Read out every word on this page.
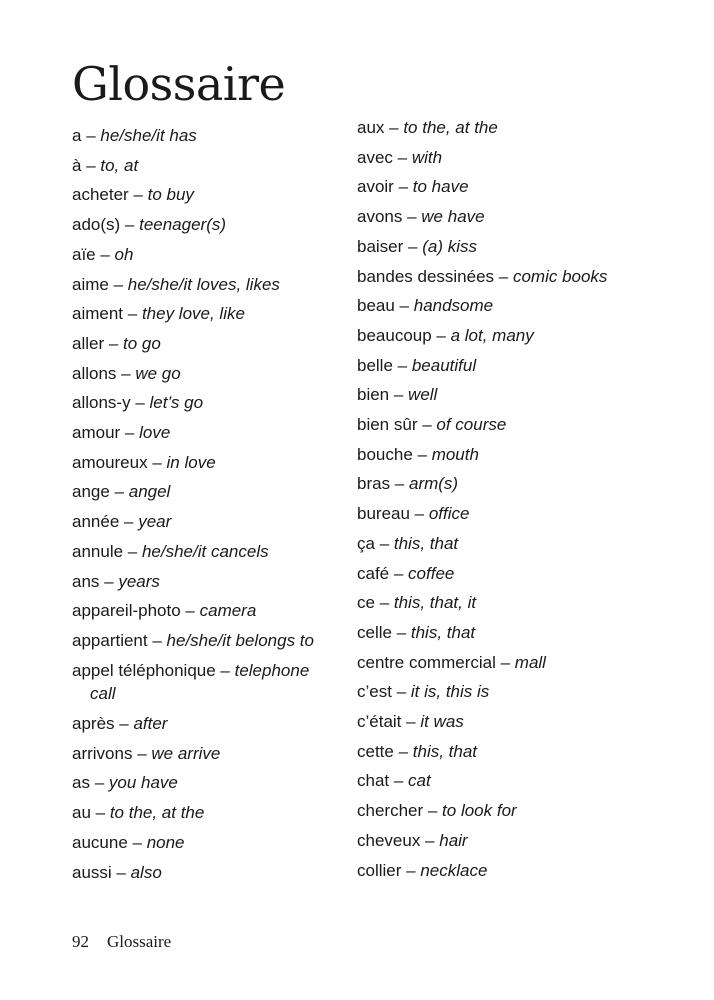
Glossaire
a – he/she/it has
à – to, at
acheter – to buy
ado(s) – teenager(s)
aïe – oh
aime – he/she/it loves, likes
aiment – they love, like
aller – to go
allons – we go
allons-y – let’s go
amour – love
amoureux – in love
ange – angel
année – year
annule – he/she/it cancels
ans – years
appareil-photo – camera
appartient – he/she/it belongs to
appel téléphonique – telephone call
après – after
arrivons – we arrive
as – you have
au – to the, at the
aucune – none
aussi – also
aux – to the, at the
avec – with
avoir – to have
avons – we have
baiser – (a) kiss
bandes dessinées – comic books
beau – handsome
beaucoup – a lot, many
belle – beautiful
bien – well
bien sûr – of course
bouche – mouth
bras – arm(s)
bureau – office
ça – this, that
café – coffee
ce – this, that, it
celle – this, that
centre commercial – mall
c’est – it is, this is
c’était – it was
cette – this, that
chat – cat
chercher – to look for
cheveux – hair
collier – necklace
92 Glossaire
